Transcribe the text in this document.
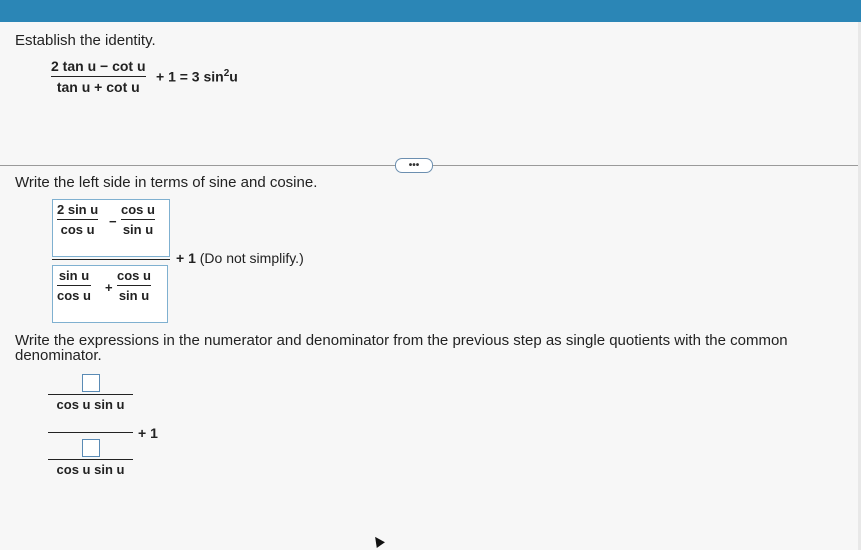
Establish the identity.
2 tan u − cot u
tan u + cot u
+ 1 = 3 $\sin^2u$
•••
Write the left side in terms of sine and cosine.
2 sin u
cos u
−
cos u
sin u
sin u
cos u
+
cos u
sin u
+ 1 (Do not simplify.)
Write the expressions in the numerator and denominator from the previous step as single quotients with the common
denominator.
cos u sin u
cos u sin u
+ 1
